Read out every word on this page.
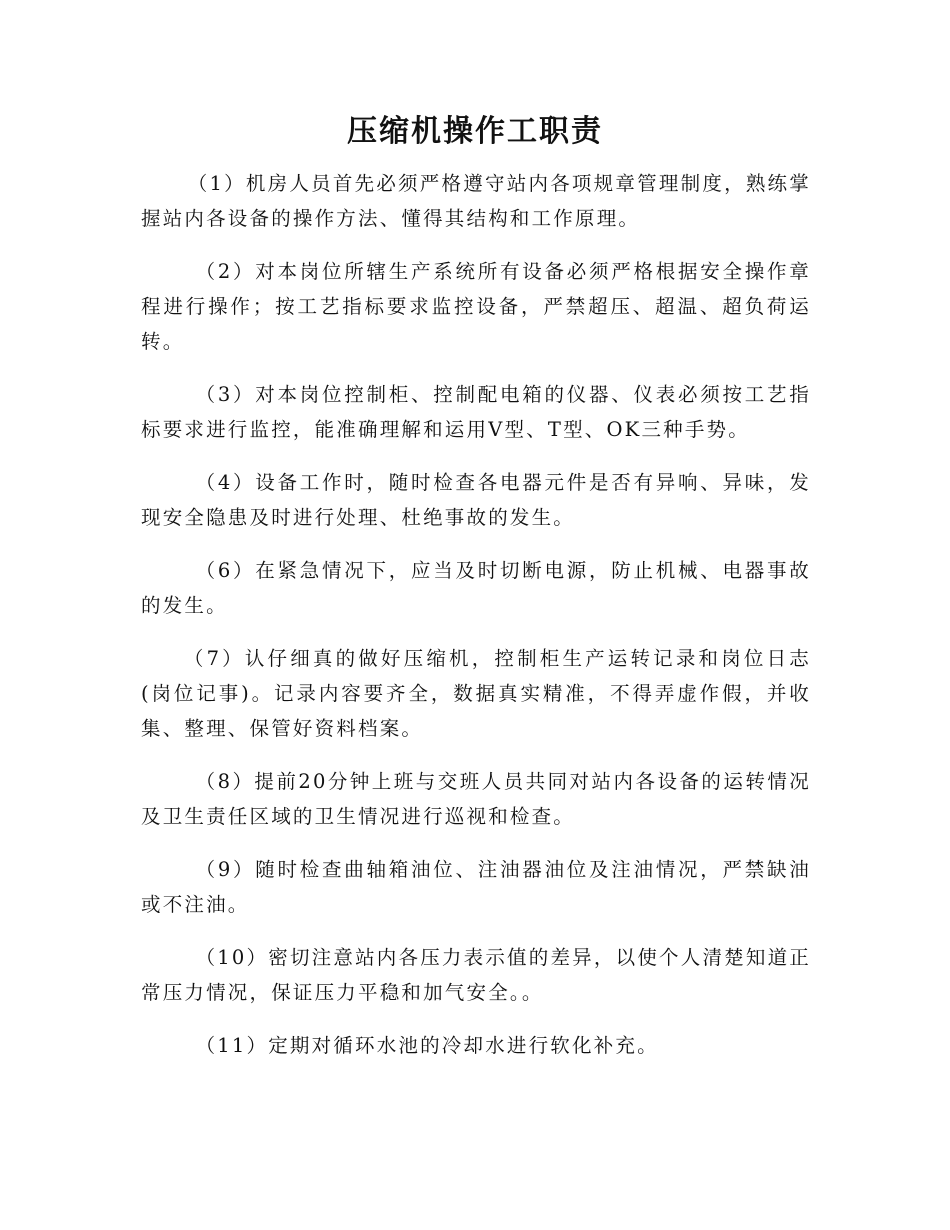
压缩机操作工职责

（1）机房人员首先必须严格遵守站内各项规章管理制度，熟练掌握站内各设备的操作方法、懂得其结构和工作原理。

（2）对本岗位所辖生产系统所有设备必须严格根据安全操作章程进行操作；按工艺指标要求监控设备，严禁超压、超温、超负荷运转。

（3）对本岗位控制柜、控制配电箱的仪器、仪表必须按工艺指标要求进行监控，能准确理解和运用V型、T型、OK三种手势。

（4）设备工作时，随时检查各电器元件是否有异响、异味，发现安全隐患及时进行处理、杜绝事故的发生。

（6）在紧急情况下，应当及时切断电源，防止机械、电器事故的发生。

（7）认仔细真的做好压缩机，控制柜生产运转记录和岗位日志(岗位记事)。记录内容要齐全，数据真实精准，不得弄虚作假，并收集、整理、保管好资料档案。

（8）提前20分钟上班与交班人员共同对站内各设备的运转情况及卫生责任区域的卫生情况进行巡视和检查。

（9）随时检查曲轴箱油位、注油器油位及注油情况，严禁缺油或不注油。

（10）密切注意站内各压力表示值的差异，以使个人清楚知道正常压力情况，保证压力平稳和加气安全。。

（11）定期对循环水池的冷却水进行软化补充。
